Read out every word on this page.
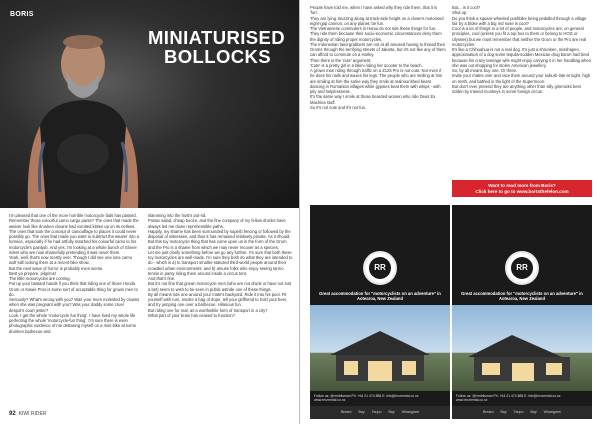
BORIS
MINIATURISED
BOLLOCKS

I'm pleased that one of the more horrible motorcycle fads has passed.

Remember those colourful camo cargo pants? The ones that made the wearer look like drunken clowns had vomited kitties up on its netless. The ones that took the concept of camouflage to places it could never possibly go. The ones that made you want to subtract the wearer into a furnace, especially if he had artfully matched his colourful camo to his motorcycle's paintjob. And yes, I'm looking at a whole bunch of Glover riders who are now shamefully pretending it was never them.

Yeah, well, that's now mostly over. Though I did see one lone camo wolf still rocking them at a recent bike show.

But the next wave of horror is probably even worse.

Best ya prepare, pilgrims!

The little motorcycles are coming.

Put up your bastard hands if you think that riding one of those Honda Grom or Kawie Pros is some sort of acceptable thing for grown men to do.

Seriously? What's wrong with you? Was your mum molested by clowns when she was pregnant with you? Was your daddy some cruel despot's court jester?

Look, I get the whole 'motorcycle fun thing'. I have lived my whole life perfecting the whole 'motorcycle-fun thing'. I'm sure there is even photographic evidence of me debasing myself on a mini-bike at some drunken barbecue and

slamming into the host's pot-rid.

Potato salad, cheap booze, and the fine company of my fellow drunks have always led me down reprehensible paths.

Happily, my shame has been surrounded by superb fencing or followed by the disposal of witnesses, and thus it has remained relatively private. As it should.

But this toy motorcycle thing that has come upon us in the form of the Grom and the Pro is a shame from which we may never recover as a species.

Let me just clarify something before we go any further. I'm sure that both these toy motorcycles are well-made. I'm sure they both do what they are intended to do - which is a) to transport smaller-statured third-world people around their crowded urban environments; and b) amuse folks who enjoy seeing tarmo tennis in panty riding them around inside a circus tent.

And that's fine.

But it's not fine that grown motorcycle men (who are not drunk or have not lost a bet) seem to wish to be seen in public astride one of these things.

By all means ride one around your mate's backyard. Ride it into his pool. Fit yourself with rum, smoke a bag of dope, tell your girlfriend to hold your beer, and try jumping one over a barbecue. Hilarious fun.

But riding one for real, as a worthwhile form of transport in a city?

What part of your brain has ceased to function?

92 KIWI RIDER

People have told me, when I have asked why they ride them, that it is 'fun'.

They are lying. Buzzing along at track-side height on a clown's motorised eight-gap cannon, on any planet, be fun.

The Vietnamese commuters in Hanoi do not ride these things for fun. They ride them because their socio-economic circumstances deny them the dignity of riding proper motorcycles.

The Indonesian land-grabbers are not at all amused having to thread their Groms through the terrifying streets of Jakarta, but it's not like any of them can afford to commute on a Harley.

Then there is the 'cute' argument.

'Cute' is a pretty girl in a bikini riding her scooter to the beach.

A grown man riding through traffic on a Z125 Pro is not cute. Not even if he does his nails and waxes his legs. The people who are smiling at him are smiling at him the same way they smile at malnourished bears dancing in Romanian villages while gypsies beat them with whips - with pity and helplessness.

It's the same way I smile at those bearded women who ride Deus Ex Machina stuff.

So it's not cute and it's not fun.

But... is it cool?

Shut up.

Do you think a square-wheeled pushbike being pedalled through a village fair by a bloke with a big red nose is cool?

Cool is a lot of things to a lot of people, and motorcycles are, on general principles, cool (unless you fit a top box to them or belong to HOG or Ulysses) but we must remember that neither the Grom or the Pro are real motorcycles.

It's like a Chihuahua is not a real dog. It's just a shrunken, misshapen, approximation of a dog some tequila-sodden Mexican drug baron had bred because his crazy teenage wife might enjoy carrying it in her handbag when she was out shopping for stolen American jewellery.

So, by all means buy one. Or three.

Invite your mates over and race them around your suburb late at night, high on meth, and bathed in the light of the Supermoon.

But don't ever pretend they are anything other than silly gimmicks best ridden by trained monkeys in some foreign circus.

Want to read more from Boris?
Click here to go to www.bortsthefelon.com
RR
Great accommodation for "motorcyclists on an adventure" in Aotearoa, New Zealand
Follow us: @rrrnblisman Ph: +64 21 474 885 E: info@rrnzrental.co.nz www.rrnzrental.co.nz
Bream Bay Taupo Bay Whangarei
RR
Great accommodation for "motorcyclists on an adventure" in Aotearoa, New Zealand
Follow us: @rrrnblisman Ph: +64 21 474 885 E: info@rrnzrental.co.nz www.rrnzrental.co.nz
Bream Bay Taupo Bay Whangarei
